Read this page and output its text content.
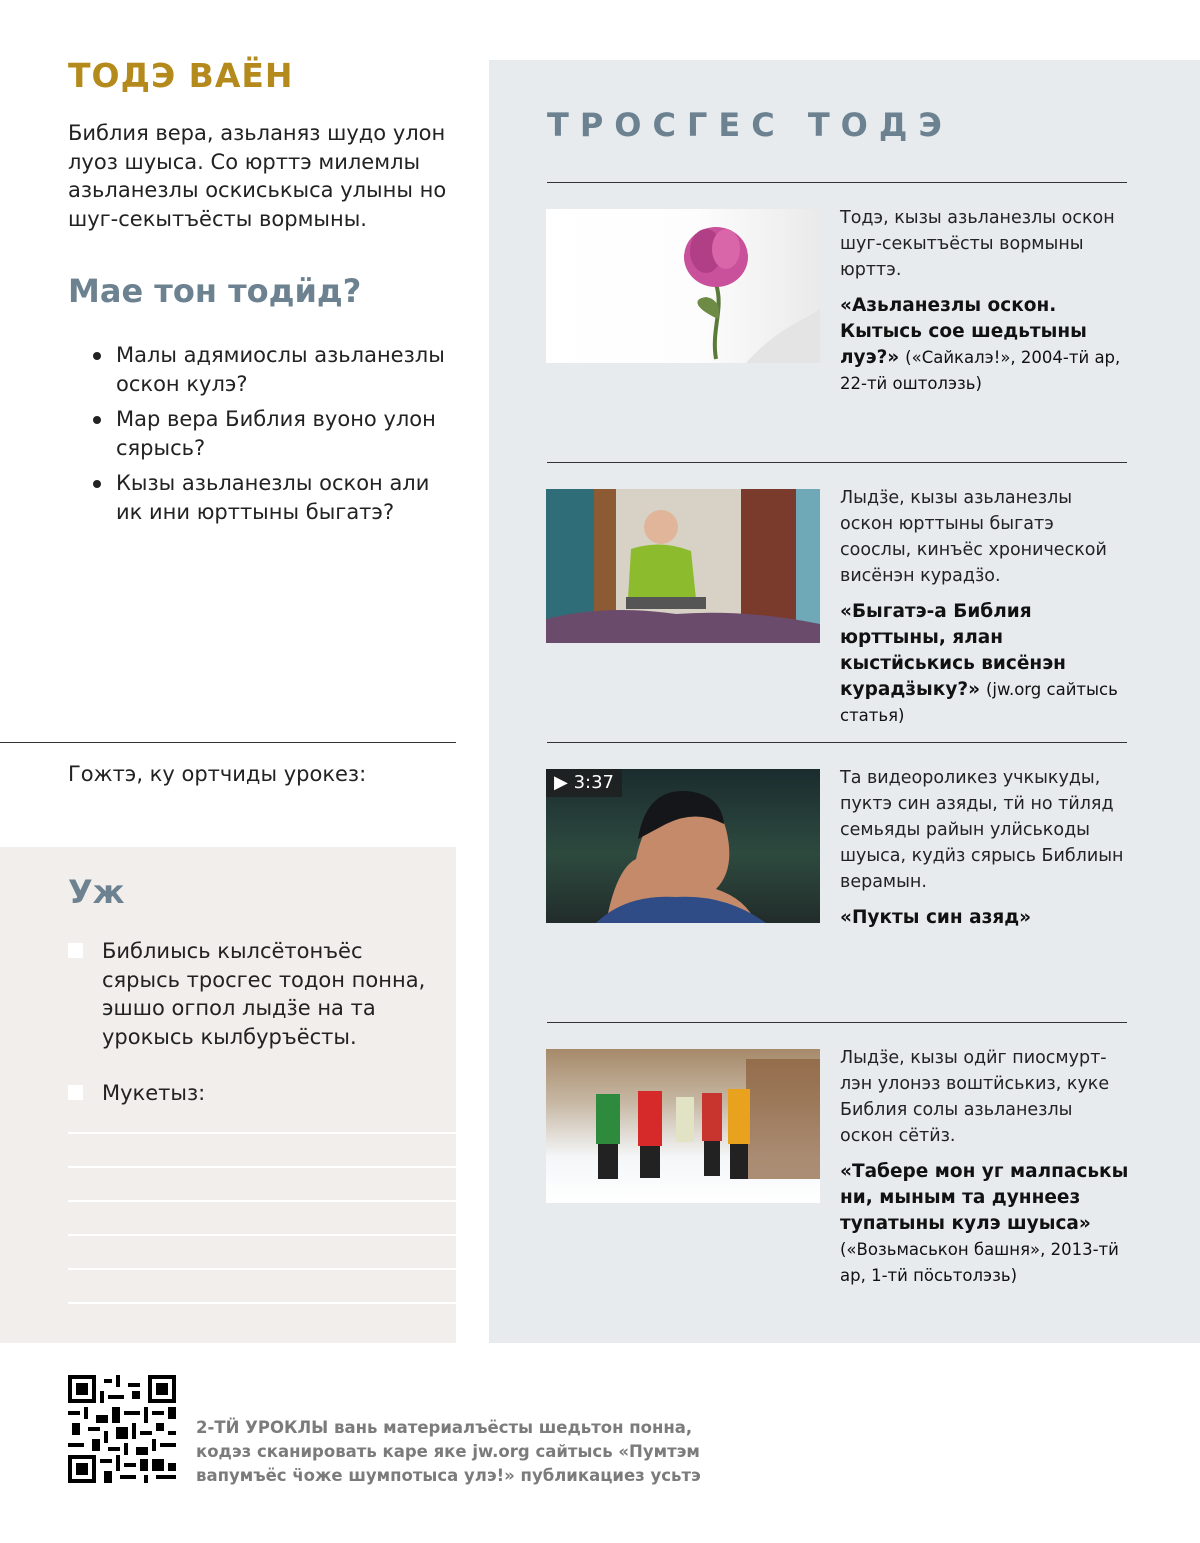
ТОДЭ ВАЁН

Библия вера, азьланяз шудо улон луоз шуыса. Со юрттэ милемлы азьланезлы оскиськыса улыны но шуг-секытъёсты вормыны.

Мае тон тодӥд?
Малы адямиослы азьланезлы оскон кулэ?
Мар вера Библия вуоно улон сярысь?
Кызы азьланезлы оскон али ик ини юрттыны быгатэ?

Гожтэ, ку ортчиды урокез:

Уж
Библиысь кылсётонъёс сярысь тросгес тодон понна, эшшо огпол лыдӟе на та урокысь кылбуръёсты.
Мукетыз:
ТРОСГЕС ТОДЭ

Тодэ, кызы азьланезлы оскон шуг-секытъёсты вормыны юрттэ.

«Азьланезлы оскон. Кытысь сое шедьтыны луэ?» («Сайкалэ!», 2004-тӥ ар, 22-тӥ оштолэзь)

Лыдӟе, кызы азьланезлы оскон юрттыны быгатэ соослы, кинъёс хронической висёнэн курадӟо.

«Быгатэ-а Библия юрттыны, ялан кыстӥськись висёнэн курадӟыку?» (jw.org сайтысь статья)

▶ 3:37	Та видеороликез учкыкуды, пуктэ син азяды, тӥ но тӥляд семьяды райын улӥськоды шуыса, кудӥз сярысь Библиын верамын.

«Пукты син азяд»

Лыдӟе, кызы одӥг пиосмурт-лэн улонэз воштӥськиз, куке Библия солы азьланезлы оскон сётӥз.

«Табере мон уг малпаськы ни, мыным та дуннеез тупатыны кулэ шуыса» («Возьмаськон башня», 2013-тӥ ар, 1-тӥ пöсьтолэзь)

2-ТӤ УРОКЛЫ вань материалъёсты шедьтон понна, кодэз сканировать каре яке jw.org сайтысь «Пумтэм вапумъёс ӵоже шумпотыса улэ!» публикациез усьтэ
